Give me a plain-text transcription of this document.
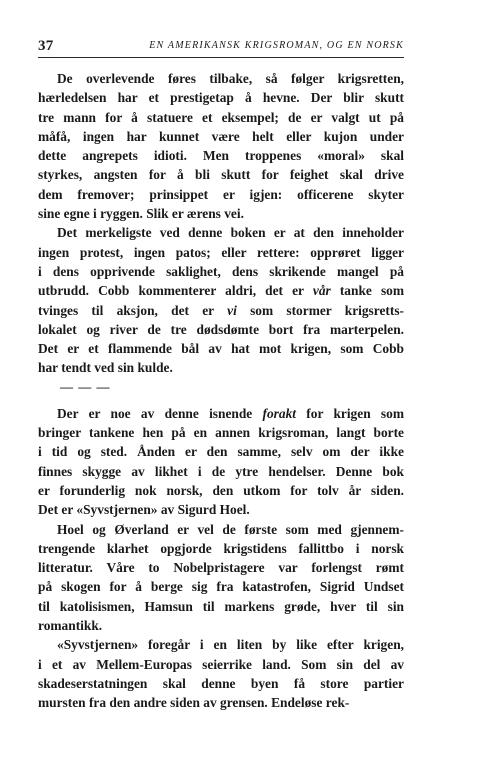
37	EN AMERIKANSK KRIGSROMAN, OG EN NORSK
De overlevende føres tilbake, så følger krigsretten,
hærledelsen har et prestigetap å hevne. Der blir skutt
tre mann for å statuere et eksempel; de er valgt ut på
måfå, ingen har kunnet være helt eller kujon under
dette angrepets idioti. Men troppenes «moral» skal
styrkes, angsten for å bli skutt for feighet skal drive
dem fremover; prinsippet er igjen: officerene skyter
sine egne i ryggen. Slik er ærens vei.
Det merkeligste ved denne boken er at den inneholder
ingen protest, ingen patos; eller rettere: opprøret ligger
i dens opprivende saklighet, dens skrikende mangel på
utbrudd. Cobb kommenterer aldri, det er vår tanke som
tvinges til aksjon, det er vi som stormer krigsretts-
lokalet og river de tre dødsdømte bort fra marterpelen.
Det er et flammende bål av hat mot krigen, som Cobb
har tendt ved sin kulde.
— — —
Der er noe av denne isnende forakt for krigen som
bringer tankene hen på en annen krigsroman, langt borte
i tid og sted. Ånden er den samme, selv om der ikke
finnes skygge av likhet i de ytre hendelser. Denne bok
er forunderlig nok norsk, den utkom for tolv år siden.
Det er «Syvstjernen» av Sigurd Hoel.
Hoel og Øverland er vel de første som med gjennem-
trengende klarhet opgjorde krigstidens fallittbo i norsk
litteratur. Våre to Nobelpristagere var forlengst rømt
på skogen for å berge sig fra katastrofen, Sigrid Undset
til katolisismen, Hamsun til markens grøde, hver til sin
romantikk.
«Syvstjernen» foregår i en liten by like efter krigen,
i et av Mellem-Europas seierrike land. Som sin del av
skadeserstatningen skal denne byen få store partier
mursten fra den andre siden av grensen. Endeløse rek-
